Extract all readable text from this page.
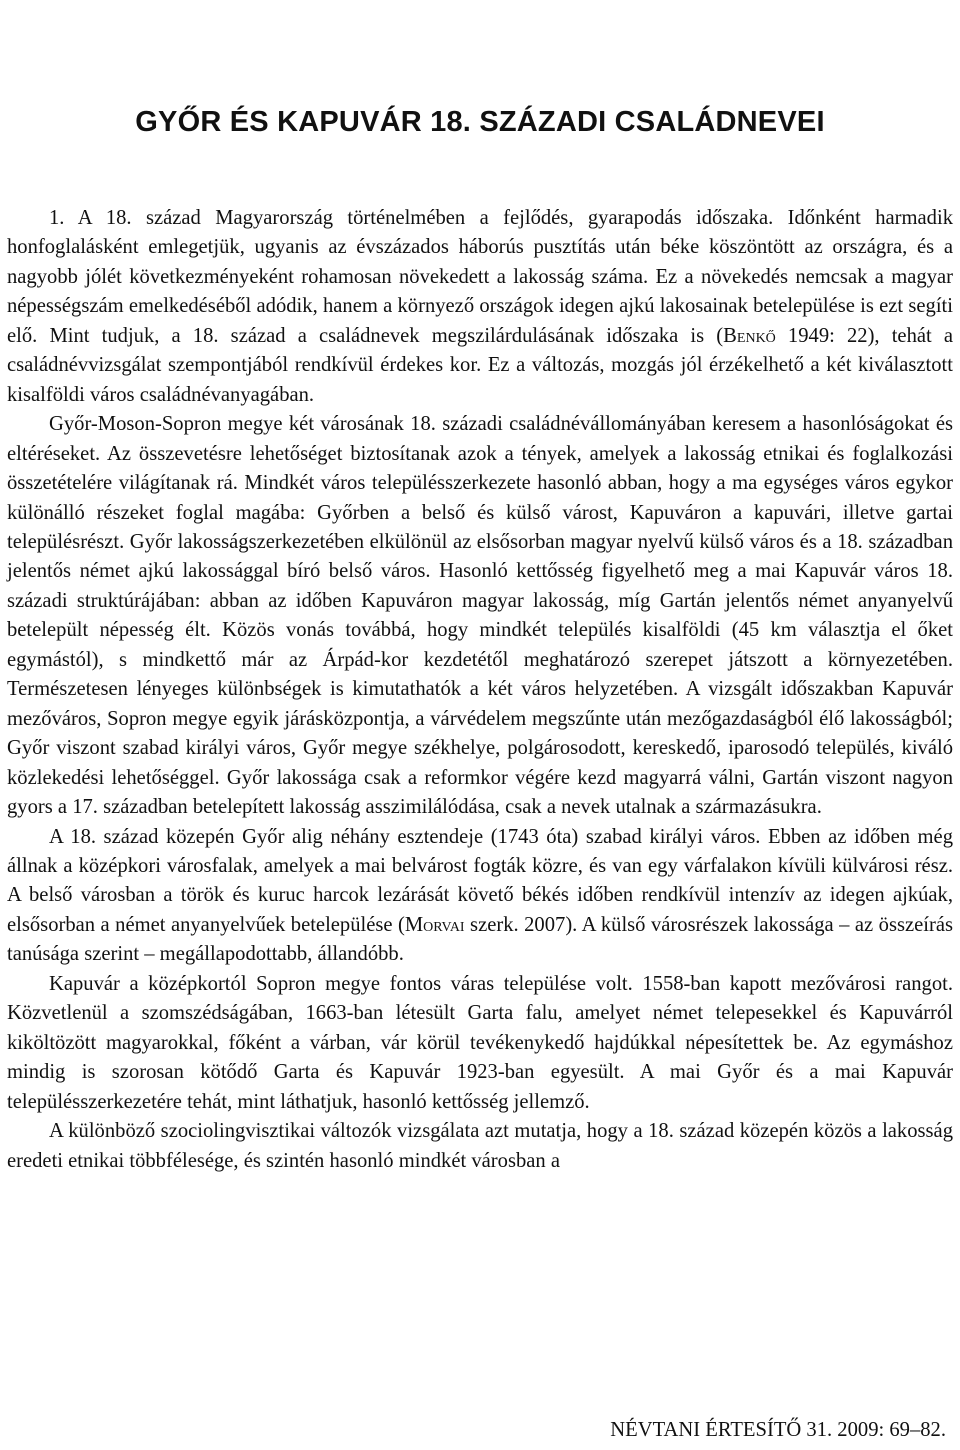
GYŐR ÉS KAPUVÁR 18. SZÁZADI CSALÁDNEVEI

1. A 18. század Magyarország történelmében a fejlődés, gyarapodás időszaka. Időnként harmadik honfoglalásként emlegetjük, ugyanis az évszázados háborús pusztítás után béke köszöntött az országra, és a nagyobb jólét következményeként rohamosan növekedett a lakosság száma. Ez a növekedés nemcsak a magyar népességszám emelkedéséből adódik, hanem a környező országok idegen ajkú lakosainak betelepülése is ezt segíti elő. Mint tudjuk, a 18. század a családnevek megszilárdulásának időszaka is (Benkő 1949: 22), tehát a családnévvizsgálat szempontjából rendkívül érdekes kor. Ez a változás, mozgás jól érzékelhető a két kiválasztott kisalföldi város családnévanyagában.

Győr-Moson-Sopron megye két városának 18. századi családnévállományában keresem a hasonlóságokat és eltéréseket. Az összevetésre lehetőséget biztosítanak azok a tények, amelyek a lakosság etnikai és foglalkozási összetételére világítanak rá. Mindkét város településszerkezete hasonló abban, hogy a ma egységes város egykor különálló részeket foglal magába: Győrben a belső és külső várost, Kapuváron a kapuvári, illetve gartai településrészt. Győr lakosságszerkezetében elkülönül az elsősorban magyar nyelvű külső város és a 18. században jelentős német ajkú lakossággal bíró belső város. Hasonló kettősség figyelhető meg a mai Kapuvár város 18. századi struktúrájában: abban az időben Kapuváron magyar lakosság, míg Gartán jelentős német anyanyelvű betelepült népesség élt. Közös vonás továbbá, hogy mindkét település kisalföldi (45 km választja el őket egymástól), s mindkettő már az Árpád-kor kezdetétől meghatározó szerepet játszott a környezetében. Természetesen lényeges különbségek is kimutathatók a két város helyzetében. A vizsgált időszakban Kapuvár mezőváros, Sopron megye egyik járásközpontja, a várvédelem megszűnte után mezőgazdaságból élő lakosságból; Győr viszont szabad királyi város, Győr megye székhelye, polgárosodott, kereskedő, iparosodó település, kiváló közlekedési lehetőséggel. Győr lakossága csak a reformkor végére kezd magyarrá válni, Gartán viszont nagyon gyors a 17. században betelepített lakosság asszimilálódása, csak a nevek utalnak a származásukra.

A 18. század közepén Győr alig néhány esztendeje (1743 óta) szabad királyi város. Ebben az időben még állnak a középkori városfalak, amelyek a mai belvárost fogták közre, és van egy várfalakon kívüli külvárosi rész. A belső városban a török és kuruc harcok lezárását követő békés időben rendkívül intenzív az idegen ajkúak, elsősorban a német anyanyelvűek betelepülése (Morvai szerk. 2007). A külső városrészek lakossága – az összeírás tanúsága szerint – megállapodottabb, állandóbb.

Kapuvár a középkortól Sopron megye fontos váras települése volt. 1558-ban kapott mezővárosi rangot. Közvetlenül a szomszédságában, 1663-ban létesült Garta falu, amelyet német telepesekkel és Kapuvárról kiköltözött magyarokkal, főként a várban, vár körül tevékenykedő hajdúkkal népesítettek be. Az egymáshoz mindig is szorosan kötődő Garta és Kapuvár 1923-ban egyesült. A mai Győr és a mai Kapuvár településszerkezetére tehát, mint láthatjuk, hasonló kettősség jellemző.

A különböző szociolingvisztikai változók vizsgálata azt mutatja, hogy a 18. század közepén közös a lakosság eredeti etnikai többfélesége, és szintén hasonló mindkét városban a

NÉVTANI ÉRTESÍTŐ 31. 2009: 69–82.
